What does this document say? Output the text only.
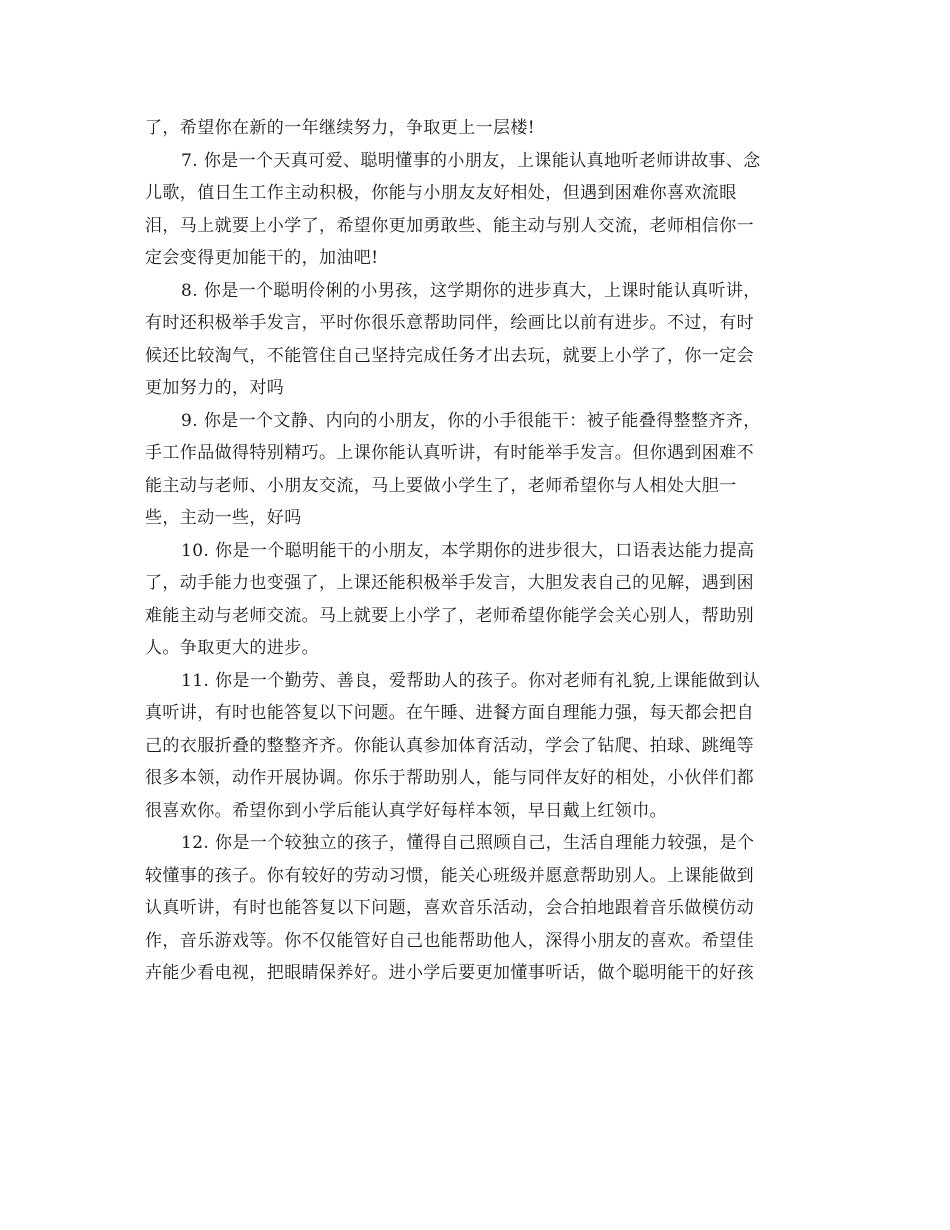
了，希望你在新的一年继续努力，争取更上一层楼!
7. 你是一个天真可爱、聪明懂事的小朋友，上课能认真地听老师讲故事、念
儿歌，值日生工作主动积极，你能与小朋友友好相处，但遇到困难你喜欢流眼
泪，马上就要上小学了，希望你更加勇敢些、能主动与别人交流，老师相信你一
定会变得更加能干的，加油吧!
8. 你是一个聪明伶俐的小男孩，这学期你的进步真大，上课时能认真听讲，
有时还积极举手发言，平时你很乐意帮助同伴，绘画比以前有进步。不过，有时
候还比较淘气，不能管住自己坚持完成任务才出去玩，就要上小学了，你一定会
更加努力的，对吗
9. 你是一个文静、内向的小朋友，你的小手很能干：被子能叠得整整齐齐，
手工作品做得特别精巧。上课你能认真听讲，有时能举手发言。但你遇到困难不
能主动与老师、小朋友交流，马上要做小学生了，老师希望你与人相处大胆一
些，主动一些，好吗
10. 你是一个聪明能干的小朋友，本学期你的进步很大，口语表达能力提高
了，动手能力也变强了，上课还能积极举手发言，大胆发表自己的见解，遇到困
难能主动与老师交流。马上就要上小学了，老师希望你能学会关心别人，帮助别
人。争取更大的进步。
11. 你是一个勤劳、善良，爱帮助人的孩子。你对老师有礼貌,上课能做到认
真听讲，有时也能答复以下问题。在午睡、进餐方面自理能力强，每天都会把自
己的衣服折叠的整整齐齐。你能认真参加体育活动，学会了钻爬、拍球、跳绳等
很多本领，动作开展协调。你乐于帮助别人，能与同伴友好的相处，小伙伴们都
很喜欢你。希望你到小学后能认真学好每样本领，早日戴上红领巾。
12. 你是一个较独立的孩子，懂得自己照顾自己，生活自理能力较强，是个
较懂事的孩子。你有较好的劳动习惯，能关心班级并愿意帮助别人。上课能做到
认真听讲，有时也能答复以下问题，喜欢音乐活动，会合拍地跟着音乐做模仿动
作，音乐游戏等。你不仅能管好自己也能帮助他人，深得小朋友的喜欢。希望佳
卉能少看电视，把眼睛保养好。进小学后要更加懂事听话，做个聪明能干的好孩
